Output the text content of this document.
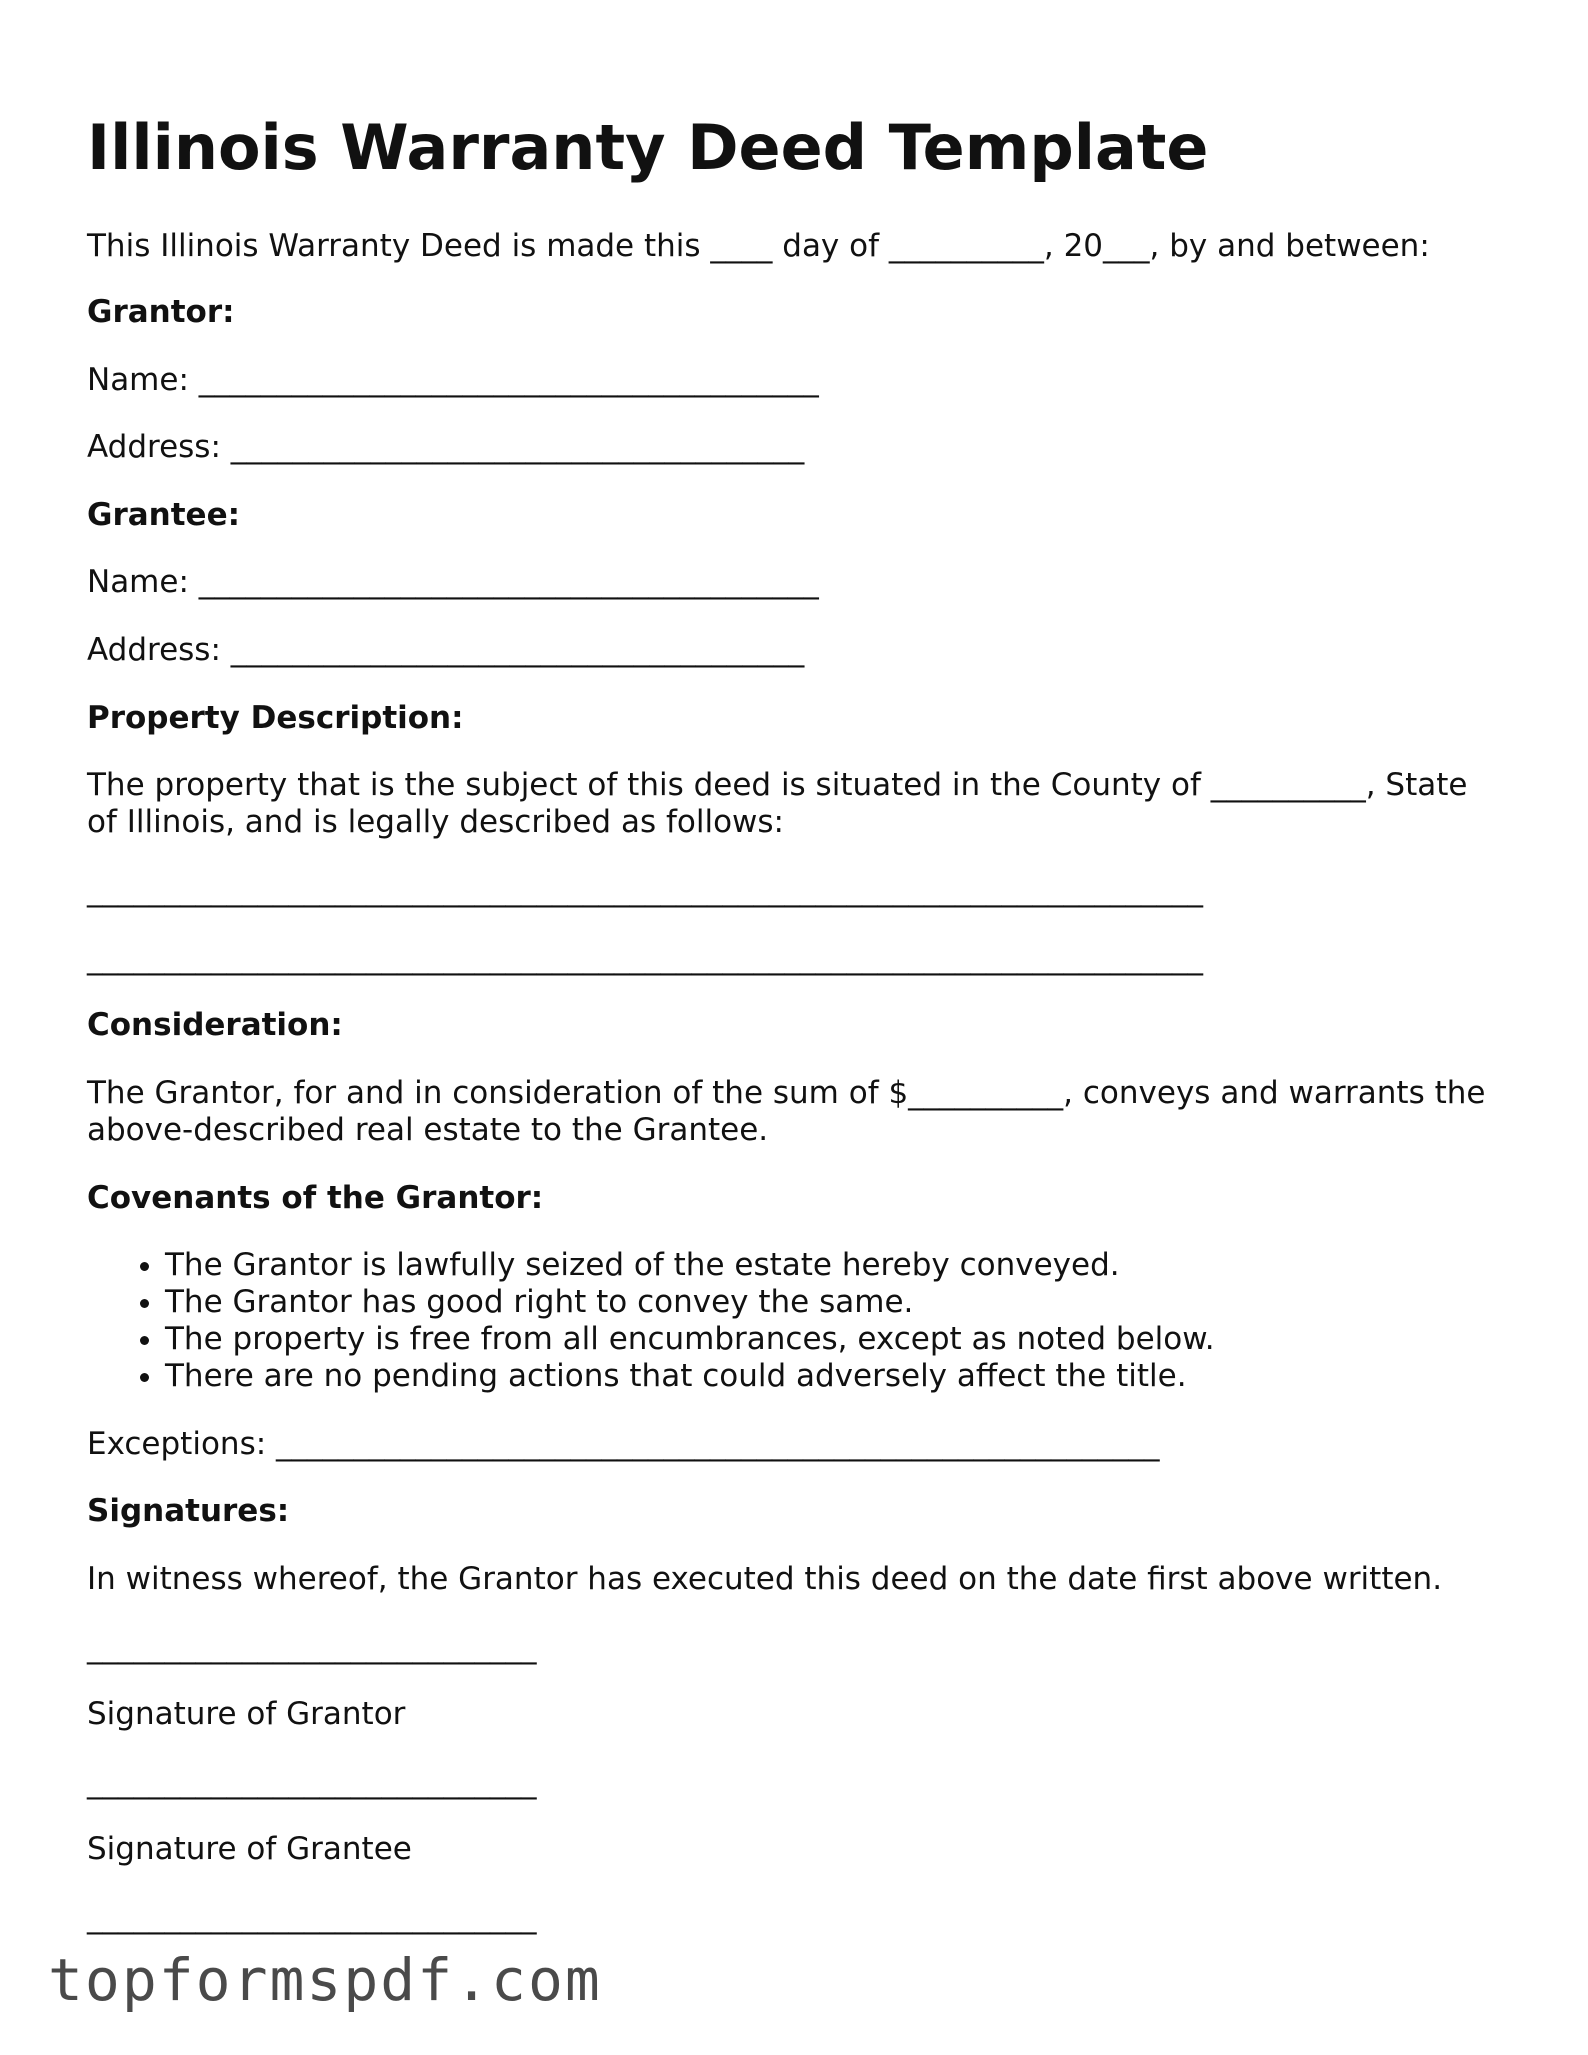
Illinois Warranty Deed Template

This Illinois Warranty Deed is made this ____ day of __________, 20___, by and between:

Grantor:

Name: ________________________________________

Address: _____________________________________

Grantee:

Name: ________________________________________

Address: _____________________________________

Property Description:

The property that is the subject of this deed is situated in the County of __________, State of Illinois, and is legally described as follows:

________________________________________________________________________

________________________________________________________________________

Consideration:

The Grantor, for and in consideration of the sum of $__________, conveys and warrants the above-described real estate to the Grantee.

Covenants of the Grantor:

• The Grantor is lawfully seized of the estate hereby conveyed.
• The Grantor has good right to convey the same.
• The property is free from all encumbrances, except as noted below.
• There are no pending actions that could adversely affect the title.

Exceptions: _________________________________________________________

Signatures:

In witness whereof, the Grantor has executed this deed on the date first above written.

_____________________________

Signature of Grantor

_____________________________

Signature of Grantee

_____________________________

topformspdf.com
